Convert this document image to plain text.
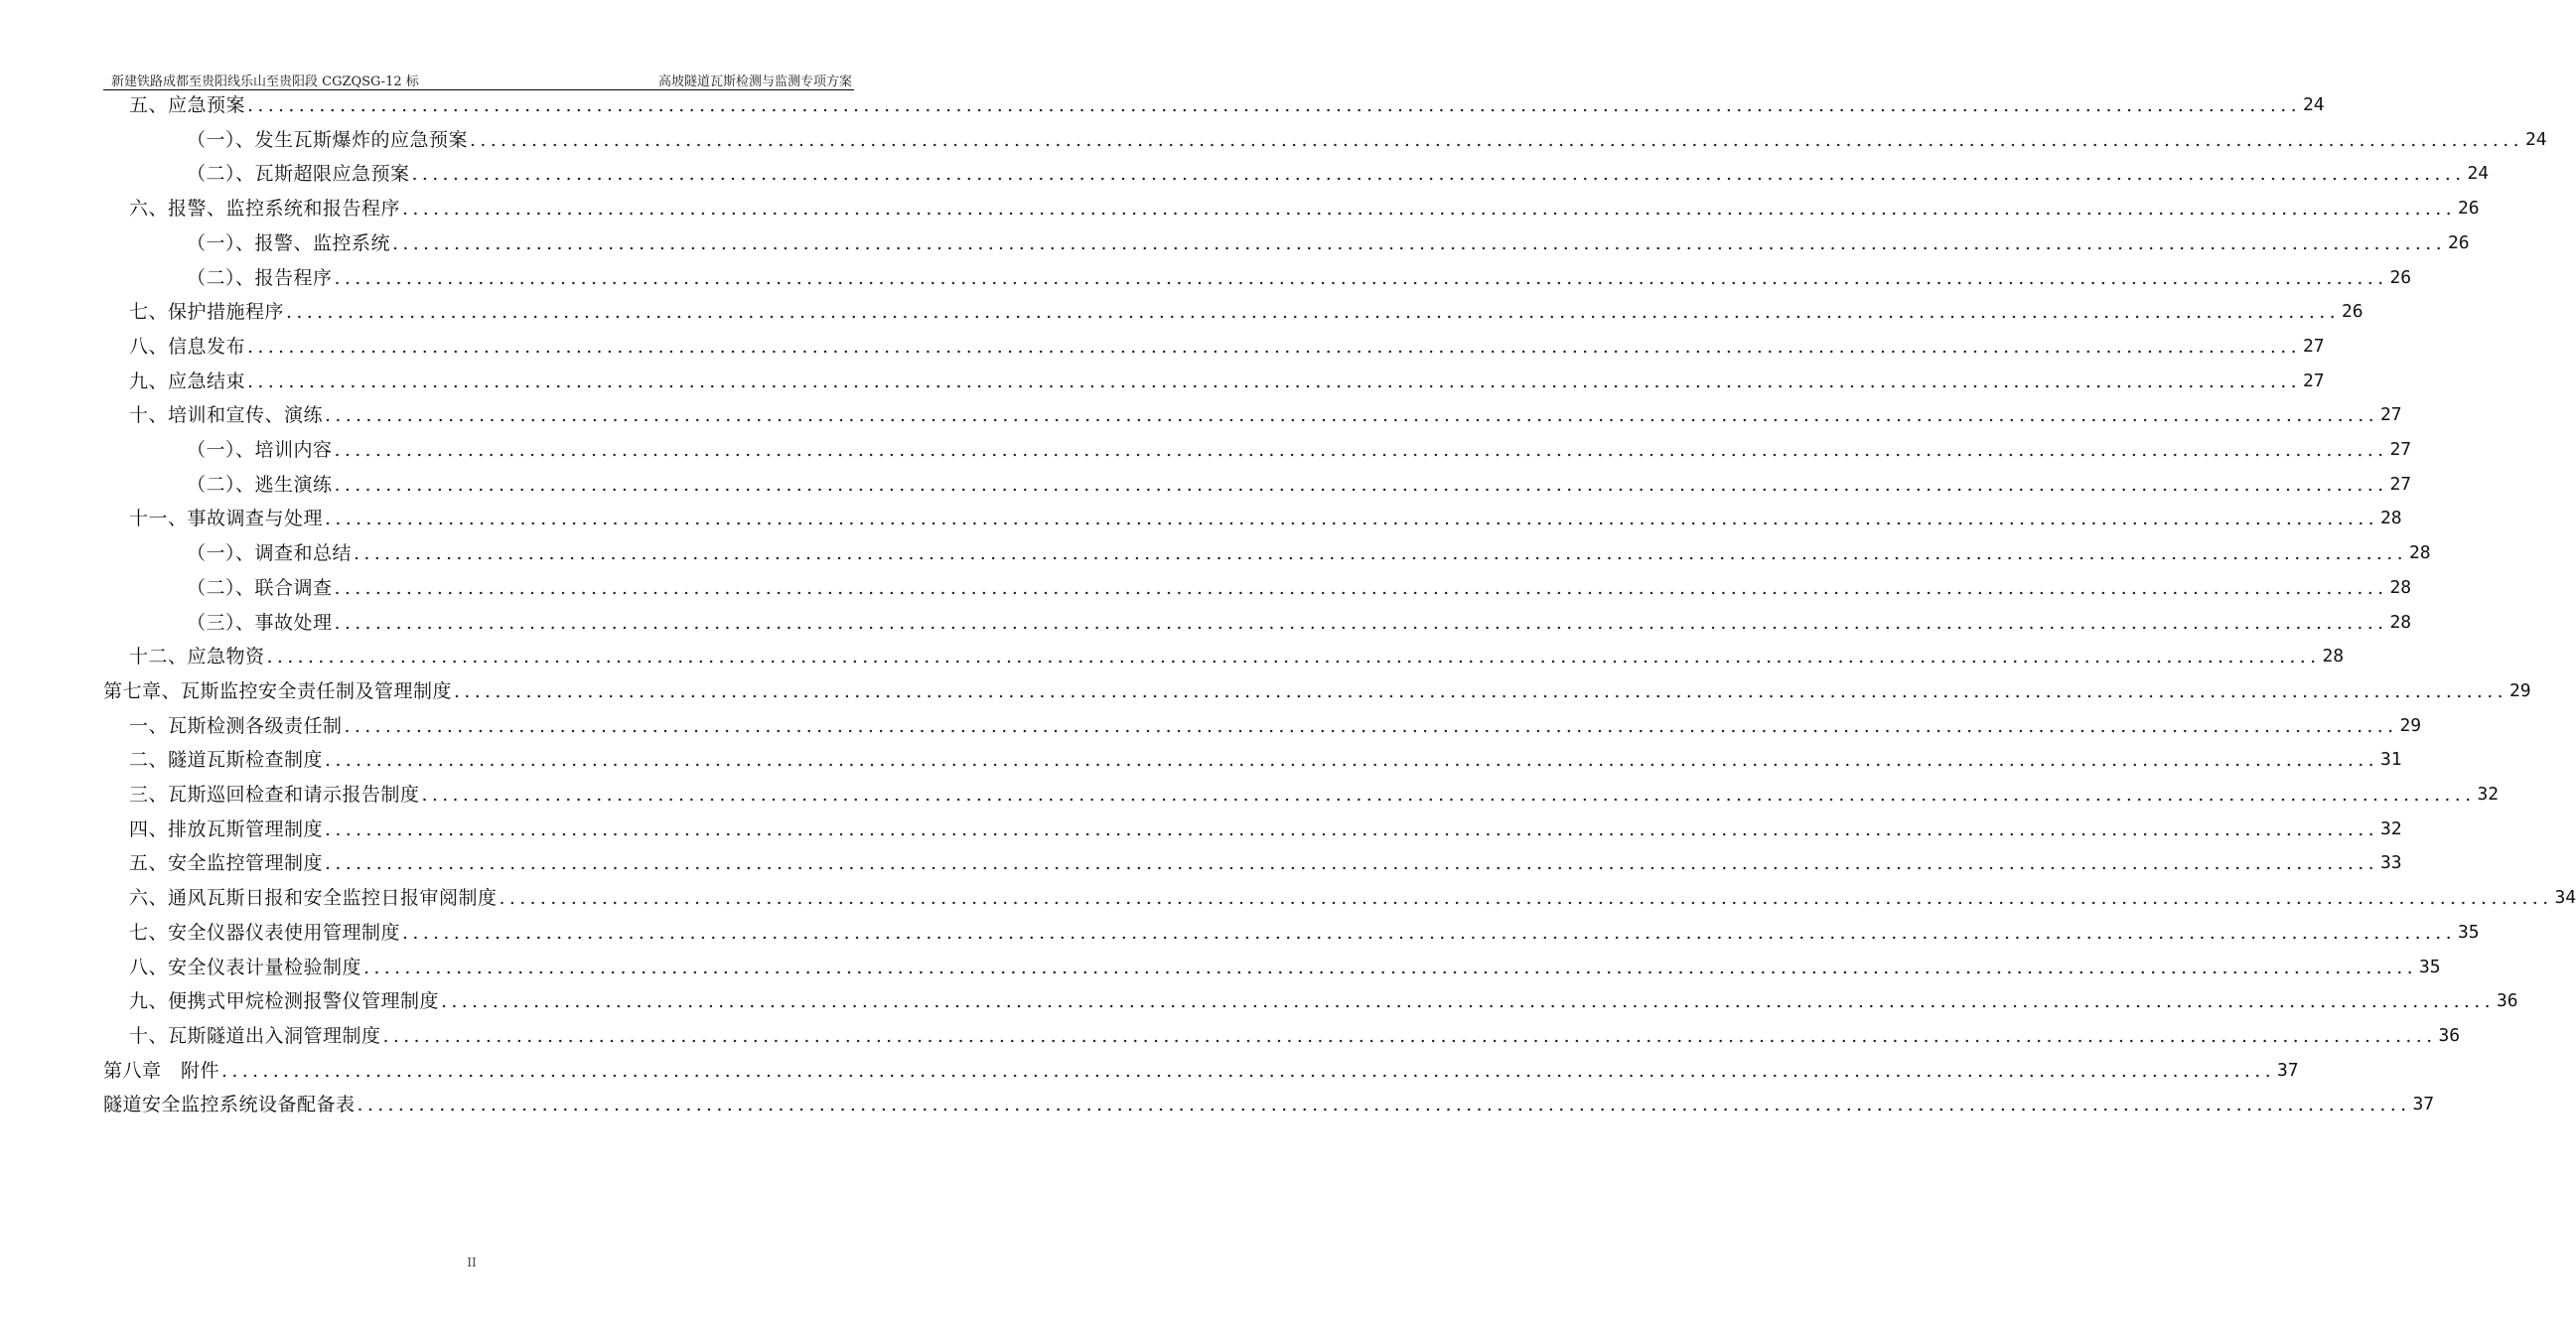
新建铁路成都至贵阳线乐山至贵阳段 CGZQSG-12 标	高坡隧道瓦斯检测与监测专项方案
五、应急预案 ........................................................................................................................................................................................................ 24
（一）、发生瓦斯爆炸的应急预案 ........................................................................................................................................................................................................ 24
（二）、瓦斯超限应急预案 ........................................................................................................................................................................................................ 24
六、报警、监控系统和报告程序 ........................................................................................................................................................................................................ 26
（一）、报警、监控系统 ........................................................................................................................................................................................................ 26
（二）、报告程序 ........................................................................................................................................................................................................ 26
七、保护措施程序 ........................................................................................................................................................................................................ 26
八、信息发布 ........................................................................................................................................................................................................ 27
九、应急结束 ........................................................................................................................................................................................................ 27
十、培训和宣传、演练 ........................................................................................................................................................................................................ 27
（一）、培训内容 ........................................................................................................................................................................................................ 27
（二）、逃生演练 ........................................................................................................................................................................................................ 27
十一、事故调查与处理 ........................................................................................................................................................................................................ 28
（一）、调查和总结 ........................................................................................................................................................................................................ 28
（二）、联合调查 ........................................................................................................................................................................................................ 28
（三）、事故处理 ........................................................................................................................................................................................................ 28
十二、应急物资 ........................................................................................................................................................................................................ 28
第七章、瓦斯监控安全责任制及管理制度 ........................................................................................................................................................................................................ 29
一、瓦斯检测各级责任制 ........................................................................................................................................................................................................ 29
二、隧道瓦斯检查制度 ........................................................................................................................................................................................................ 31
三、瓦斯巡回检查和请示报告制度 ........................................................................................................................................................................................................ 32
四、排放瓦斯管理制度 ........................................................................................................................................................................................................ 32
五、安全监控管理制度 ........................................................................................................................................................................................................ 33
六、通风瓦斯日报和安全监控日报审阅制度 ........................................................................................................................................................................................................ 34
七、安全仪器仪表使用管理制度 ........................................................................................................................................................................................................ 35
八、安全仪表计量检验制度 ........................................................................................................................................................................................................ 35
九、便携式甲烷检测报警仪管理制度 ........................................................................................................................................................................................................ 36
十、瓦斯隧道出入洞管理制度 ........................................................................................................................................................................................................ 36
第八章　附件 ........................................................................................................................................................................................................ 37
隧道安全监控系统设备配备表 ........................................................................................................................................................................................................ 37
II
